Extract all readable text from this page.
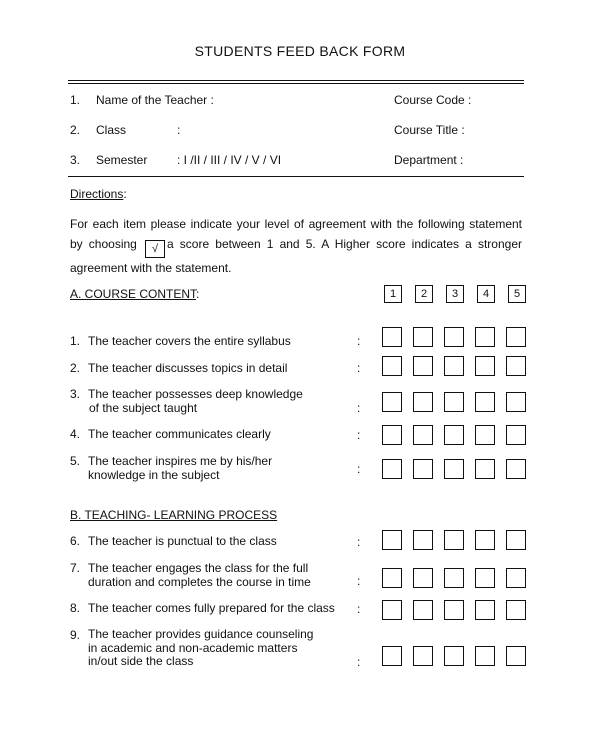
STUDENTS FEED BACK FORM
1. Name of the Teacher :	Course Code :
2. Class	:	Course Title :
3. Semester : I /II / III / IV / V / VI	Department :
Directions:
For each item please indicate your level of agreement with the following statement by choosing √ a score between 1 and 5. A Higher score indicates a stronger agreement with the statement.
A. COURSE CONTENT:	1	2	3	4	5
1. The teacher covers the entire syllabus	:
2. The teacher discusses topics in detail	:
3. The teacher possesses deep knowledge
of the subject taught	:
4. The teacher communicates clearly	:
5. The teacher inspires me by his/her
knowledge in the subject	:
B. TEACHING- LEARNING PROCESS
6. The teacher is punctual to the class	:
7. The teacher engages the class for the full
duration and completes the course in time	:
8. The teacher comes fully prepared for the class :
9. The teacher provides guidance counseling
in academic and non-academic matters
in/out side the class	:
